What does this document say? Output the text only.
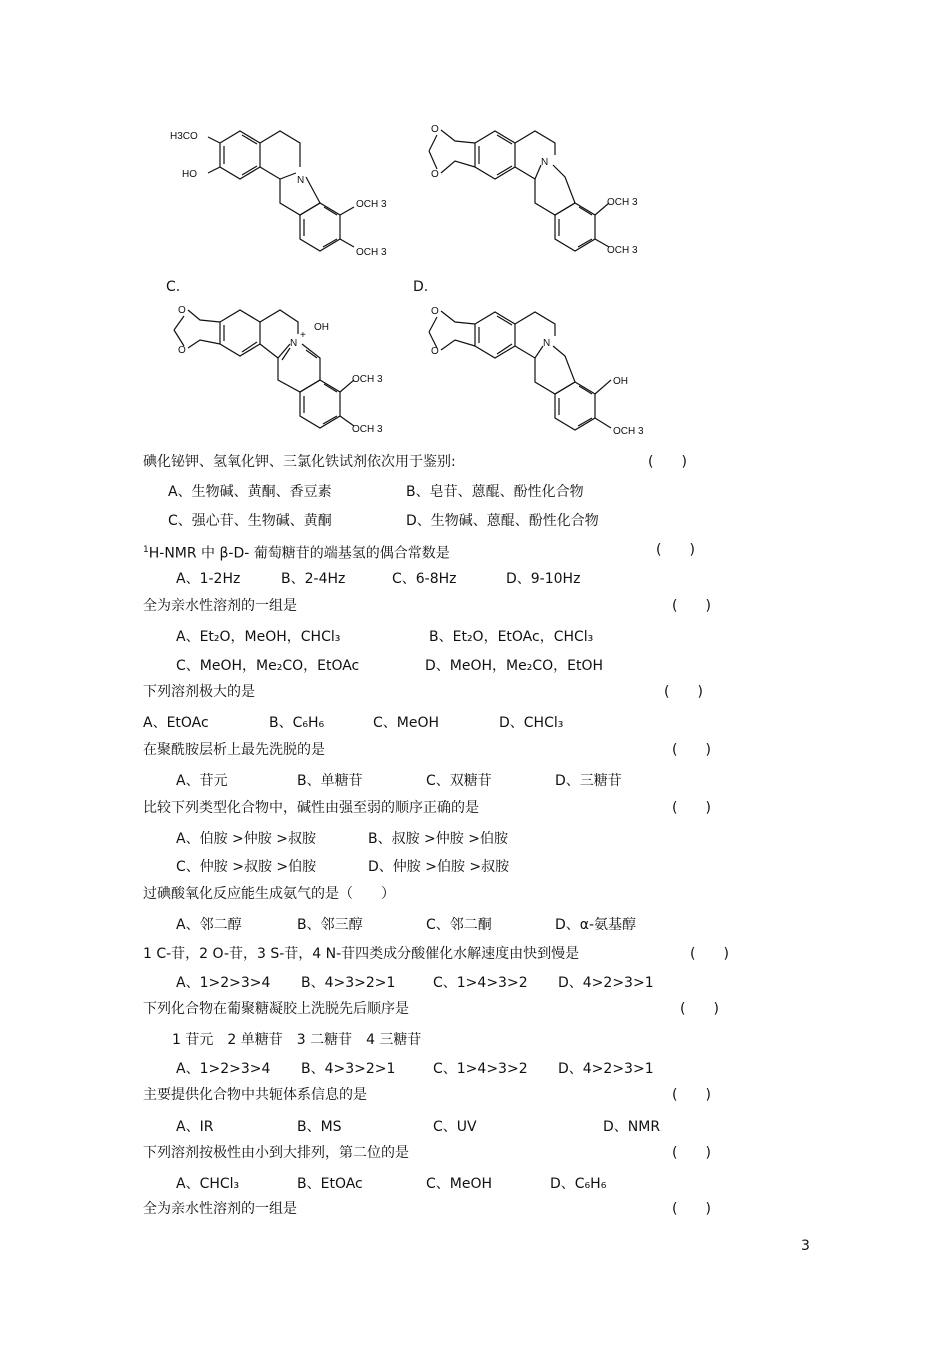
H3CO
HO
N
OCH 3
OCH 3
O
O
N
OCH 3
OCH 3
C.	D.
O
O
N
+
OH
OCH 3
OCH 3
O
O
N
OH
OCH 3
碘化铋钾、氢氧化钾、三氯化铁试剂依次用于鉴别:	(　　)
A、生物碱、黄酮、香豆素	B、皂苷、蒽醌、酚性化合物
C、强心苷、生物碱、黄酮	D、生物碱、蒽醌、酚性化合物
$^1$H-NMR 中 β-D- 葡萄糖苷的端基氢的偶合常数是	(　　)
A、1-2Hz	B、2-4Hz	C、6-8Hz	D、9-10Hz
全为亲水性溶剂的一组是	(　　)
A、Et₂O，MeOH，CHCl₃	B、Et₂O，EtOAc，CHCl₃
C、MeOH，Me₂CO，EtOAc	D、MeOH，Me₂CO，EtOH
下列溶剂极大的是	(　　)
A、EtOAc	B、C₆H₆	C、MeOH	D、CHCl₃
在聚酰胺层析上最先洗脱的是	(　　)
A、苷元	B、单糖苷	C、双糖苷	D、三糖苷
比较下列类型化合物中，碱性由强至弱的顺序正确的是	(　　)
A、伯胺 >仲胺 >叔胺	B、叔胺 >仲胺 >伯胺
C、仲胺 >叔胺 >伯胺	D、仲胺 >伯胺 >叔胺
过碘酸氧化反应能生成氨气的是（　　）
A、邻二醇	B、邻三醇	C、邻二酮	D、α-氨基醇
1 C-苷，2 O-苷，3 S-苷，4 N-苷四类成分酸催化水解速度由快到慢是	(　　)
A、1>2>3>4 B、4>3>2>1	C、1>4>3>2 D、4>2>3>1
下列化合物在葡聚糖凝胶上洗脱先后顺序是	(　　)
1 苷元　2 单糖苷　3 二糖苷　4 三糖苷
A、1>2>3>4 B、4>3>2>1	C、1>4>3>2 D、4>2>3>1
主要提供化合物中共轭体系信息的是	(　　)
A、IR	B、MS	C、UV	D、NMR
下列溶剂按极性由小到大排列，第二位的是	(　　)
A、CHCl₃	B、EtOAc	C、MeOH	D、C₆H₆
全为亲水性溶剂的一组是	(　　)
3
